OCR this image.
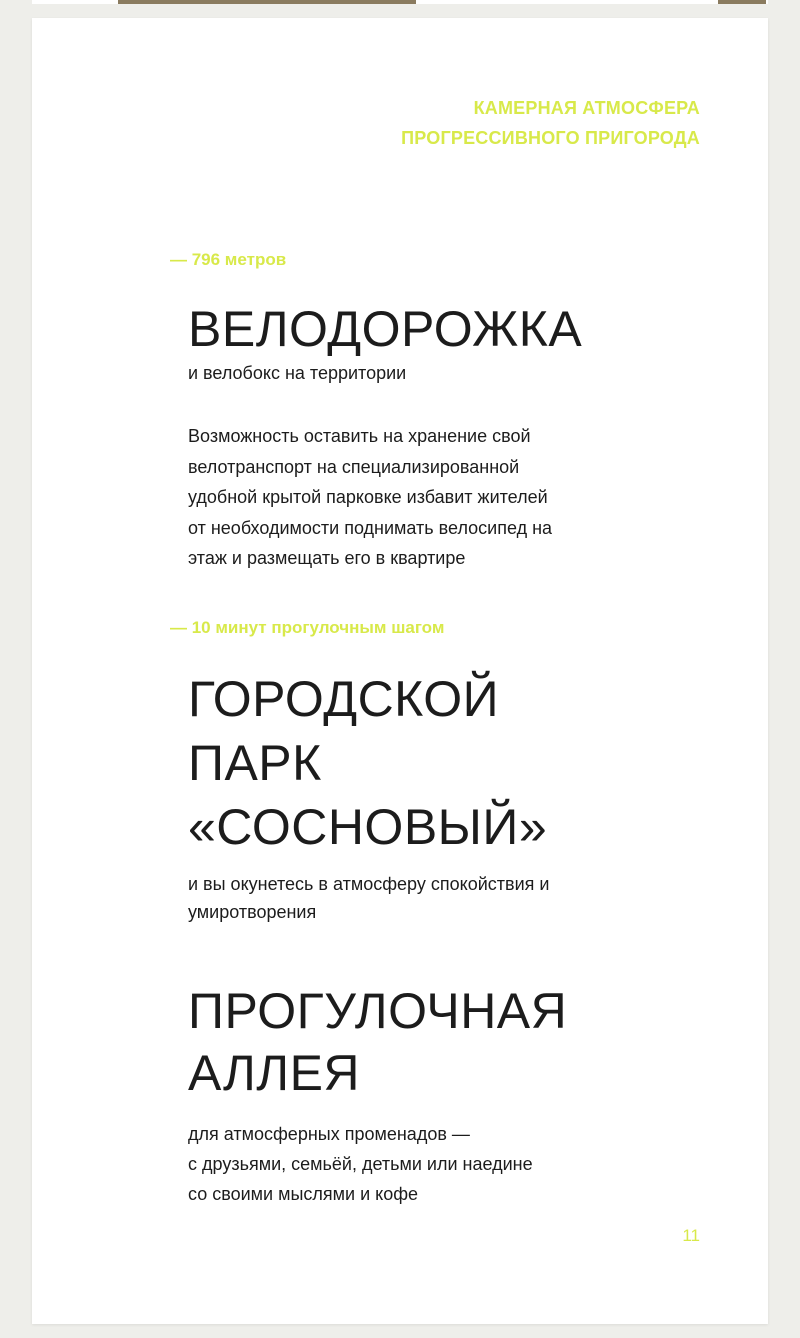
КАМЕРНАЯ АТМОСФЕРА
ПРОГРЕССИВНОГО ПРИГОРОДА
— 796 метров
ВЕЛОДОРОЖКА
и велобокс на территории
Возможность оставить на хранение свой
велотранспорт на специализированной
удобной крытой парковке избавит жителей
от необходимости поднимать велосипед на
этаж и размещать его в квартире
— 10 минут прогулочным шагом
ГОРОДСКОЙ
ПАРК
«СОСНОВЫЙ»
и вы окунетесь в атмосферу спокойствия и
умиротворения
ПРОГУЛОЧНАЯ
АЛЛЕЯ
для атмосферных променадов —
с друзьями, семьёй, детьми или наедине
со своими мыслями и кофе
11
